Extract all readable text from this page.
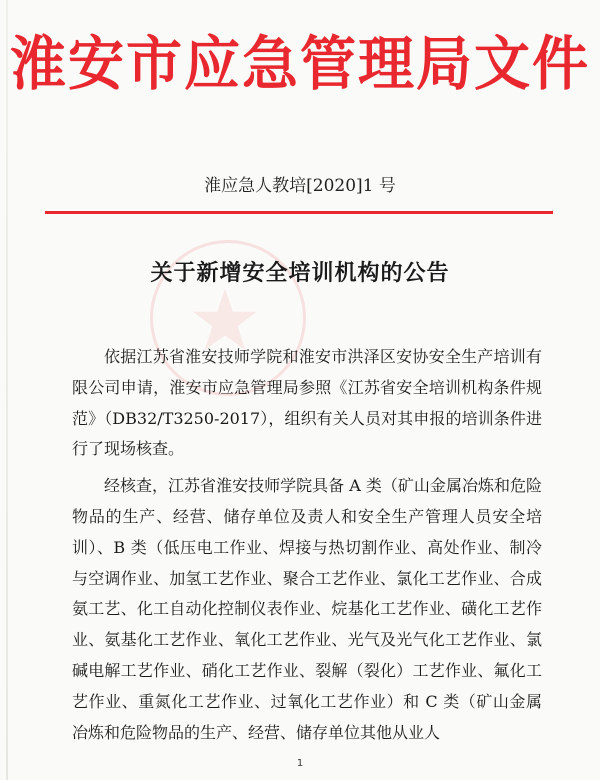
淮安市应急管理局文件
淮应急人教培[2020]1 号
关于新增安全培训机构的公告

依据江苏省淮安技师学院和淮安市洪泽区安协安全生产培训有限公司申请，淮安市应急管理局参照《江苏省安全培训机构条件规范》（DB32/T3250-2017），组织有关人员对其申报的培训条件进行了现场核查。

经核查，江苏省淮安技师学院具备 A 类（矿山金属冶炼和危险物品的生产、经营、储存单位及责人和安全生产管理人员安全培训）、B 类（低压电工作业、焊接与热切割作业、高处作业、制冷与空调作业、加氢工艺作业、聚合工艺作业、氯化工艺作业、合成氨工艺、化工自动化控制仪表作业、烷基化工艺作业、磺化工艺作业、氨基化工艺作业、氧化工艺作业、光气及光气化工艺作业、氯碱电解工艺作业、硝化工艺作业、裂解（裂化）工艺作业、氟化工艺作业、重氮化工艺作业、过氧化工艺作业）和 C 类（矿山金属冶炼和危险物品的生产、经营、储存单位其他从业人

1
